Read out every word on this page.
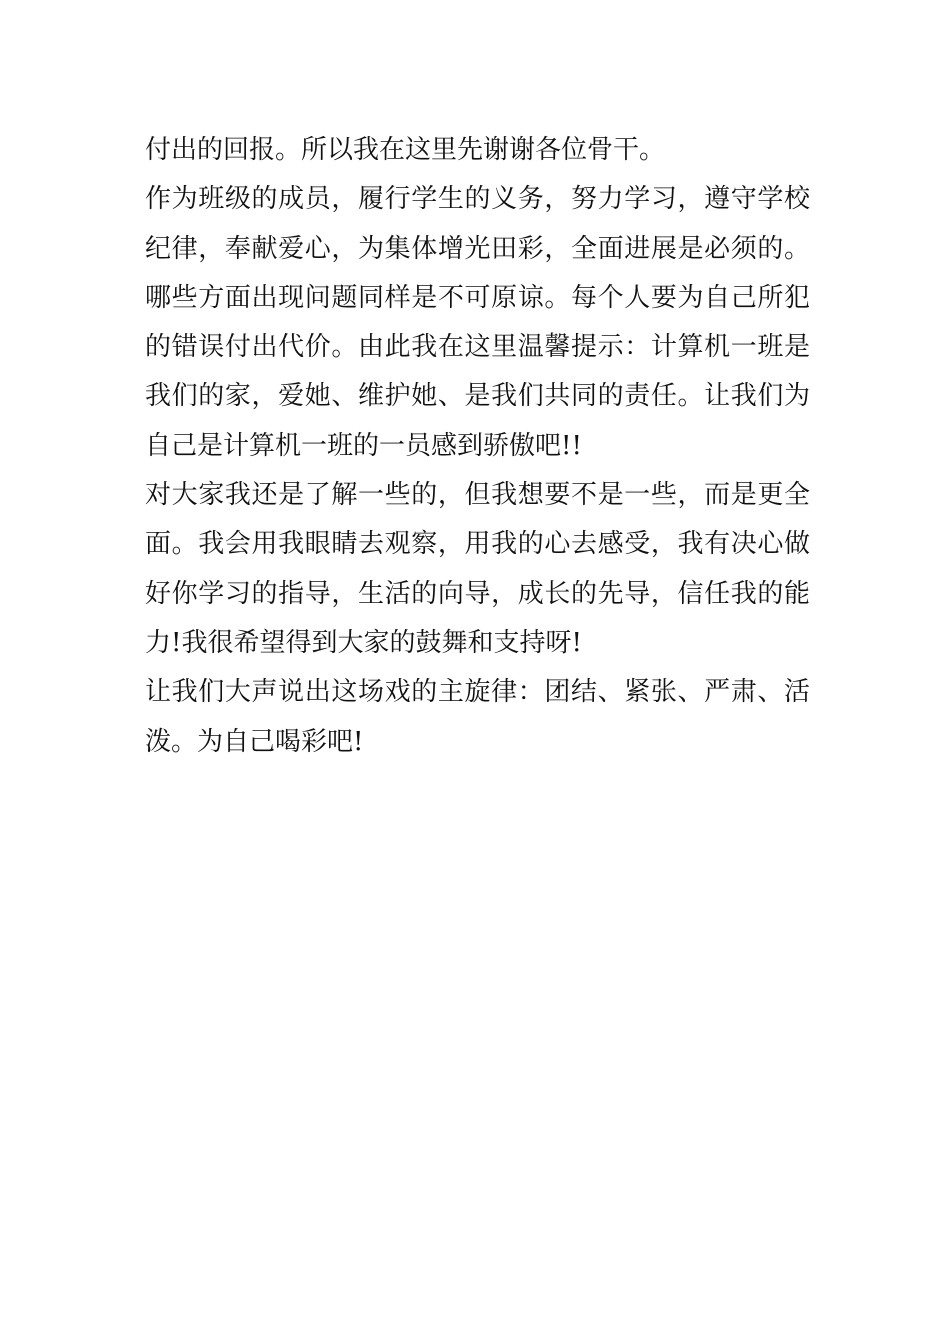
付出的回报。所以我在这里先谢谢各位骨干。
作为班级的成员，履行学生的义务，努力学习，遵守学校
纪律，奉献爱心，为集体增光田彩，全面进展是必须的。
哪些方面出现问题同样是不可原谅。每个人要为自己所犯
的错误付出代价。由此我在这里温馨提示：计算机一班是
我们的家，爱她、维护她、是我们共同的责任。让我们为
自己是计算机一班的一员感到骄傲吧!!
对大家我还是了解一些的，但我想要不是一些，而是更全
面。我会用我眼睛去观察，用我的心去感受，我有决心做
好你学习的指导，生活的向导，成长的先导，信任我的能
力!我很希望得到大家的鼓舞和支持呀!
让我们大声说出这场戏的主旋律：团结、紧张、严肃、活
泼。为自己喝彩吧!
